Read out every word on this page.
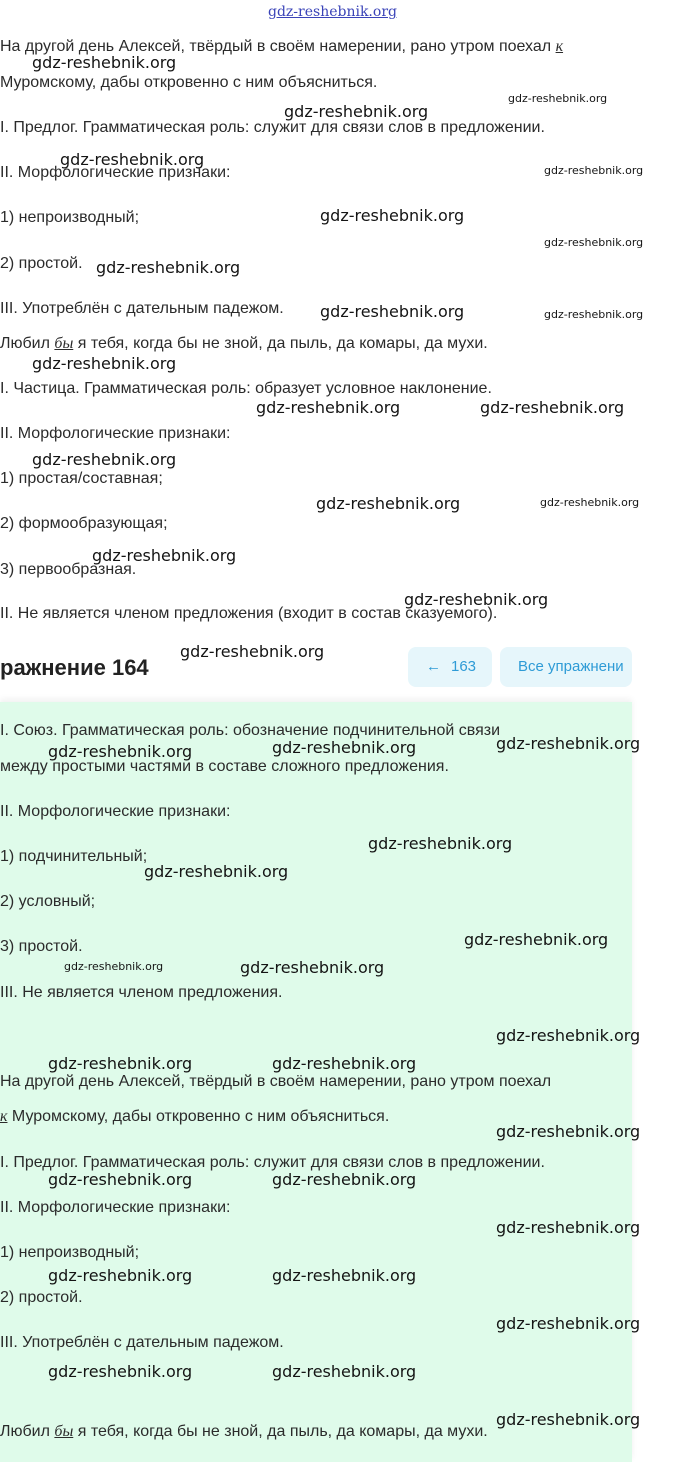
gdz-reshebnik.org
На другой день Алексей, твёрдый в своём намерении, рано утром поехал к
Муромскому, дабы откровенно с ним объясниться.
I. Предлог. Грамматическая роль: служит для связи слов в предложении.
II. Морфологические признаки:
1) непроизводный;
2) простой.
III. Употреблён с дательным падежом.
Любил бы я тебя, когда бы не зной, да пыль, да комары, да мухи.
I. Частица. Грамматическая роль: образует условное наклонение.
II. Морфологические признаки:
1) простая/составная;
2) формообразующая;
3) первообразная.
II. Не является членом предложения (входит в состав сказуемого).
ражнение 164	← 163	Все упражнени
I. Союз. Грамматическая роль: обозначение подчинительной связи
между простыми частями в составе сложного предложения.
II. Морфологические признаки:
1) подчинительный;
2) условный;
3) простой.
III. Не является членом предложения.
На другой день Алексей, твёрдый в своём намерении, рано утром поехал
к Муромскому, дабы откровенно с ним объясниться.
I. Предлог. Грамматическая роль: служит для связи слов в предложении.
II. Морфологические признаки:
1) непроизводный;
2) простой.
III. Употреблён с дательным падежом.
Любил бы я тебя, когда бы не зной, да пыль, да комары, да мухи.
gdz-reshebnik.org
gdz-reshebnik.org
gdz-reshebnik.org
gdz-reshebnik.org
gdz-reshebnik.org
gdz-reshebnik.org
gdz-reshebnik.org
gdz-reshebnik.org
gdz-reshebnik.org	gdz-reshebnik.org
gdz-reshebnik.org
gdz-reshebnik.org	gdz-reshebnik.org
gdz-reshebnik.org
gdz-reshebnik.org
gdz-reshebnik.org
gdz-reshebnik.org
gdz-reshebnik.org
gdz-reshebnik.org
gdz-reshebnik.org
gdz-reshebnik.org
gdz-reshebnik.org
gdz-reshebnik.org
gdz-reshebnik.org
gdz-reshebnik.org
gdz-reshebnik.org	gdz-reshebnik.org
gdz-reshebnik.org
gdz-reshebnik.org	gdz-reshebnik.org
gdz-reshebnik.org
gdz-reshebnik.org	gdz-reshebnik.org
gdz-reshebnik.org
gdz-reshebnik.org	gdz-reshebnik.org
gdz-reshebnik.org
gdz-reshebnik.org	gdz-reshebnik.org
gdz-reshebnik.org
